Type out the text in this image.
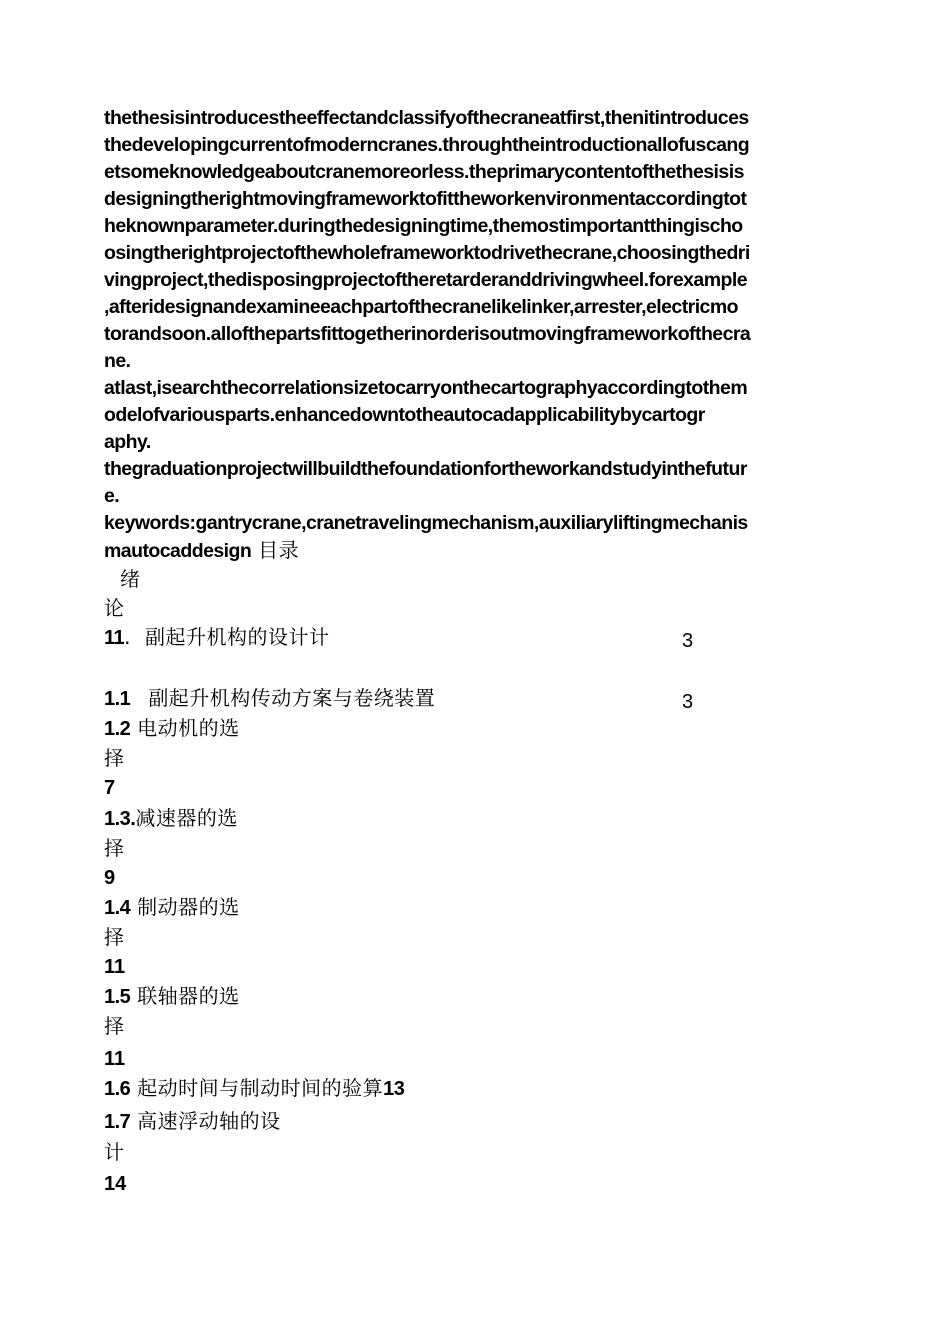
thethesisintroducestheeffectandclassifyofthecraneatfirst,thenitintroduces
thedevelopingcurrentofmoderncranes.throughtheintroductionallofuscang
etsomeknowledgeaboutcranemoreorless.theprimarycontentofthethesisis
designingtherightmovingframeworktofittheworkenvironmentaccordingtot
heknownparameter.duringthedesigningtime,themostimportantthingischo
osingtherightprojectofthewholeframeworktodrivethecrane,choosingthedri
vingproject,thedisposingprojectoftheretarderanddrivingwheel.forexample
,afteridesignandexamineeachpartofthecranelikelinker,arrester,electricmo
torandsoon.allofthepartsfittogetherinorderisoutmovingframeworkofthecra
ne.
atlast,isearchthecorrelationsizetocarryonthecartographyaccordingtothem
odelofvariousparts.enhancedowntotheautocadapplicabilitybycartogr
aphy.
thegraduationprojectwillbuildthefoundationfortheworkandstudyinthefutur
e.
keywords:gantrycrane,cranetravelingmechanism,auxiliaryliftingmechanis
mautocaddesign 目录
绪
论
11. 副起升机构的设计计	3
1.1 副起升机构传动方案与卷绕装置	3
1.2 电动机的选
择
7
1.3.减速器的选
择
9
1.4 制动器的选
择
11
1.5 联轴器的选
择
11
1.6 起动时间与制动时间的验算13
1.7 高速浮动轴的设
计
14
